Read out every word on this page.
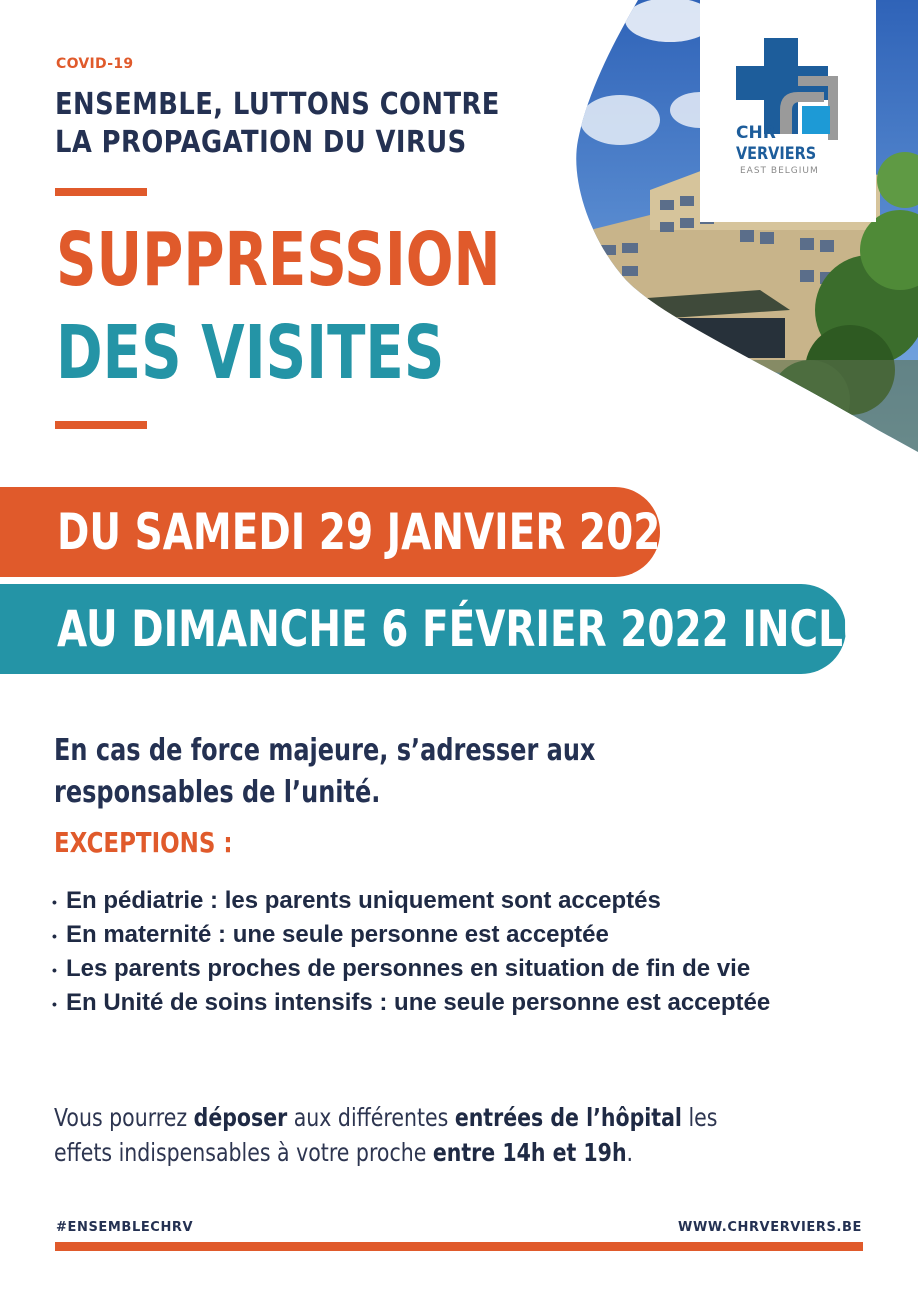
COVID-19
ENSEMBLE, LUTTONS CONTRE
LA PROPAGATION DU VIRUS
SUPPRESSION
DES VISITES
CHR
VERVIERS
EAST BELGIUM
DU SAMEDI 29 JANVIER 2022
AU DIMANCHE 6 FÉVRIER 2022 INCLUS
En cas de force majeure, s’adresser aux responsables de l’unité.
EXCEPTIONS :
• En pédiatrie : les parents uniquement sont acceptés
• En maternité : une seule personne est acceptée
• Les parents proches de personnes en situation de fin de vie
• En Unité de soins intensifs : une seule personne est acceptée
Vous pourrez déposer aux différentes entrées de l’hôpital les effets indispensables à votre proche entre 14h et 19h.
#ENSEMBLECHRV	WWW.CHRVERVIERS.BE
